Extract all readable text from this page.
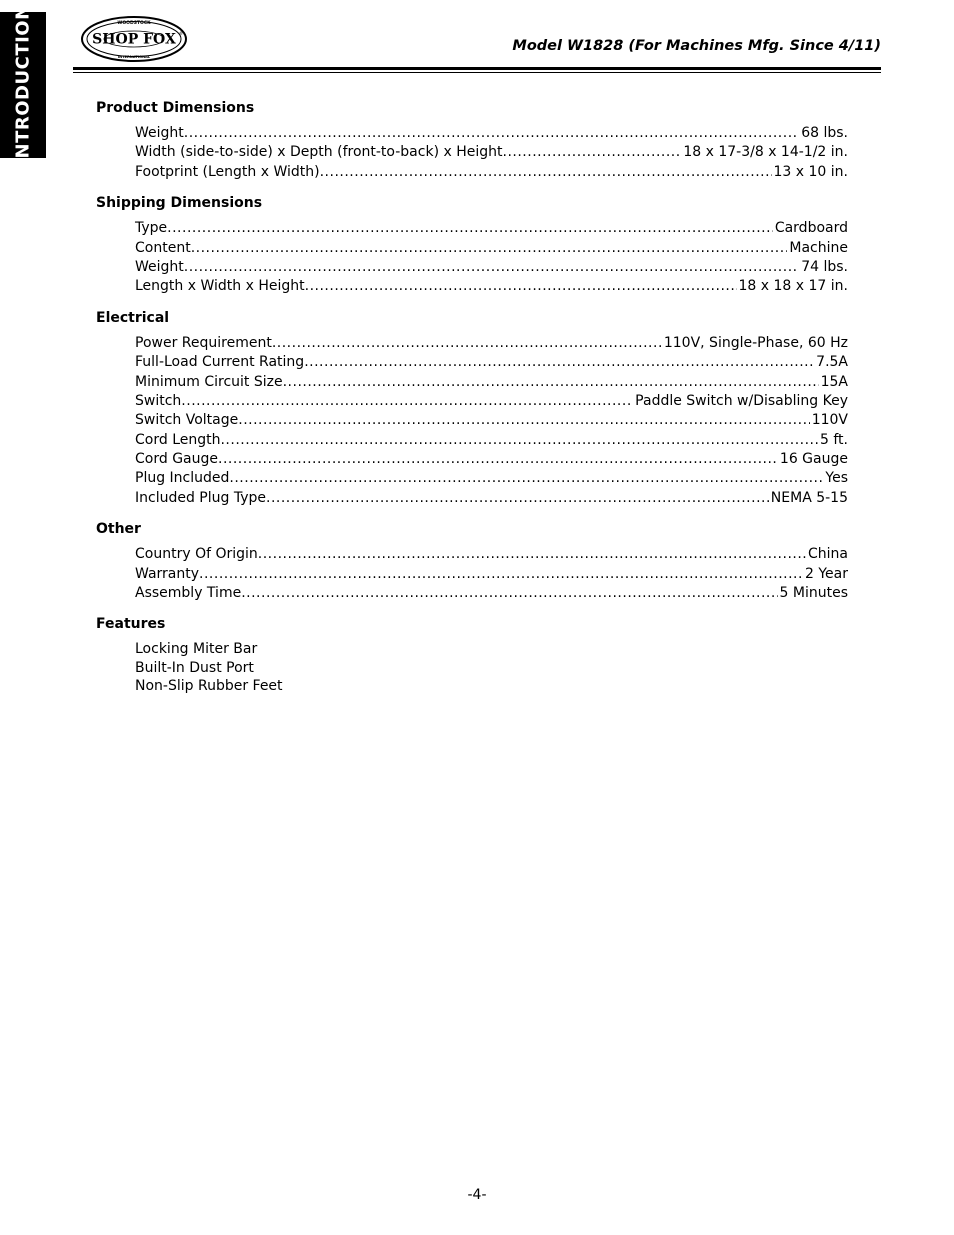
INTRODUCTION	WOODSTOCK
SHOP FOX ®
INTERNATIONAL
Model W1828 (For Machines Mfg. Since 4/11)
Product Dimensions
Weight .....	68 lbs.
Width (side-to-side) x Depth (front-to-back) x Height .....	18 x 17-3/8 x 14-1/2 in.
Footprint (Length x Width) .....	13 x 10 in.
Shipping Dimensions
Type .....	Cardboard
Content .....	Machine
Weight .....	74 lbs.
Length x Width x Height .....	18 x 18 x 17 in.
Electrical
Power Requirement .....	110V, Single-Phase, 60 Hz
Full-Load Current Rating .....	7.5A
Minimum Circuit Size .....	15A
Switch .....	Paddle Switch w/Disabling Key
Switch Voltage .....	110V
Cord Length .....	5 ft.
Cord Gauge .....	16 Gauge
Plug Included .....	Yes
Included Plug Type .....	NEMA 5-15
Other
Country Of Origin .....	China
Warranty .....	2 Year
Assembly Time .....	5 Minutes
Features
Locking Miter Bar
Built-In Dust Port
Non-Slip Rubber Feet
-4-
